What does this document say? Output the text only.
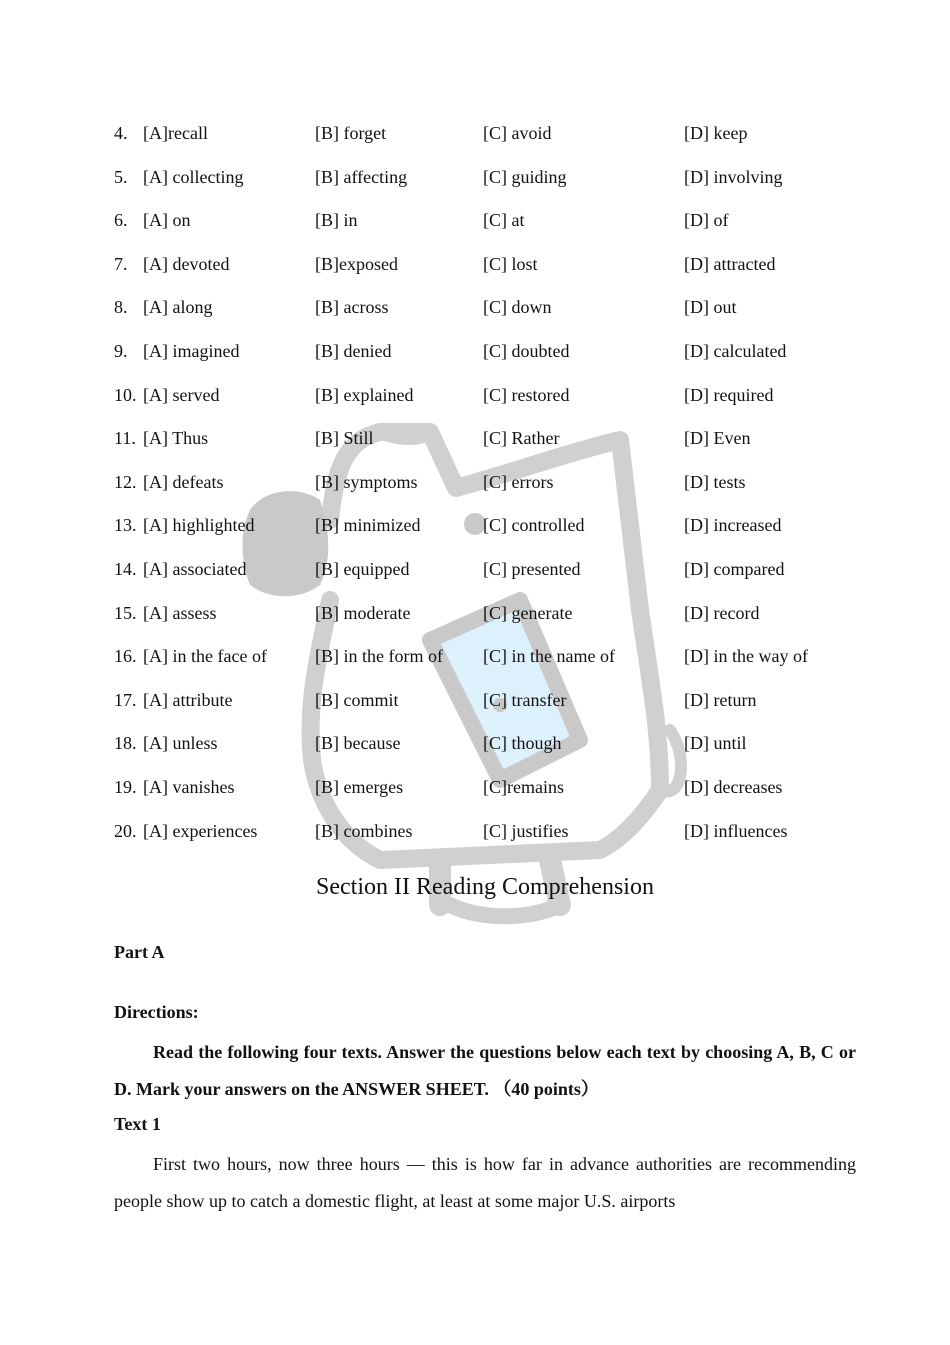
4. [A]recall	[B] forget	[C] avoid	[D] keep
5. [A] collecting	[B] affecting	[C] guiding	[D] involving
6. [A] on	[B] in	[C] at	[D] of
7. [A] devoted	[B]exposed	[C] lost	[D] attracted
8. [A] along	[B] across	[C] down	[D] out
9. [A] imagined	[B] denied	[C] doubted	[D] calculated
10. [A] served	[B] explained	[C] restored	[D] required
11. [A] Thus	[B] Still	[C] Rather	[D] Even
12. [A] defeats	[B] symptoms	[C] errors	[D] tests
13. [A] highlighted	[B] minimized	[C] controlled	[D] increased
14. [A] associated	[B] equipped	[C] presented	[D] compared
15. [A] assess	[B] moderate	[C] generate	[D] record
16. [A] in the face of	[B] in the form of [C] in the name of	[D] in the way of
17. [A] attribute	[B] commit	[C] transfer	[D] return
18. [A] unless	[B] because	[C] though	[D] until
19. [A] vanishes	[B] emerges	[C]remains	[D] decreases
20. [A] experiences	[B] combines	[C] justifies	[D] influences
Section II Reading Comprehension
Part A
Directions:

Read the following four texts. Answer the questions below each text by choosing A, B, C or D. Mark your answers on the ANSWER SHEET. （40 points）

Text 1

First two hours, now three hours — this is how far in advance authorities are recommending people show up to catch a domestic flight, at least at some major U.S. airports
